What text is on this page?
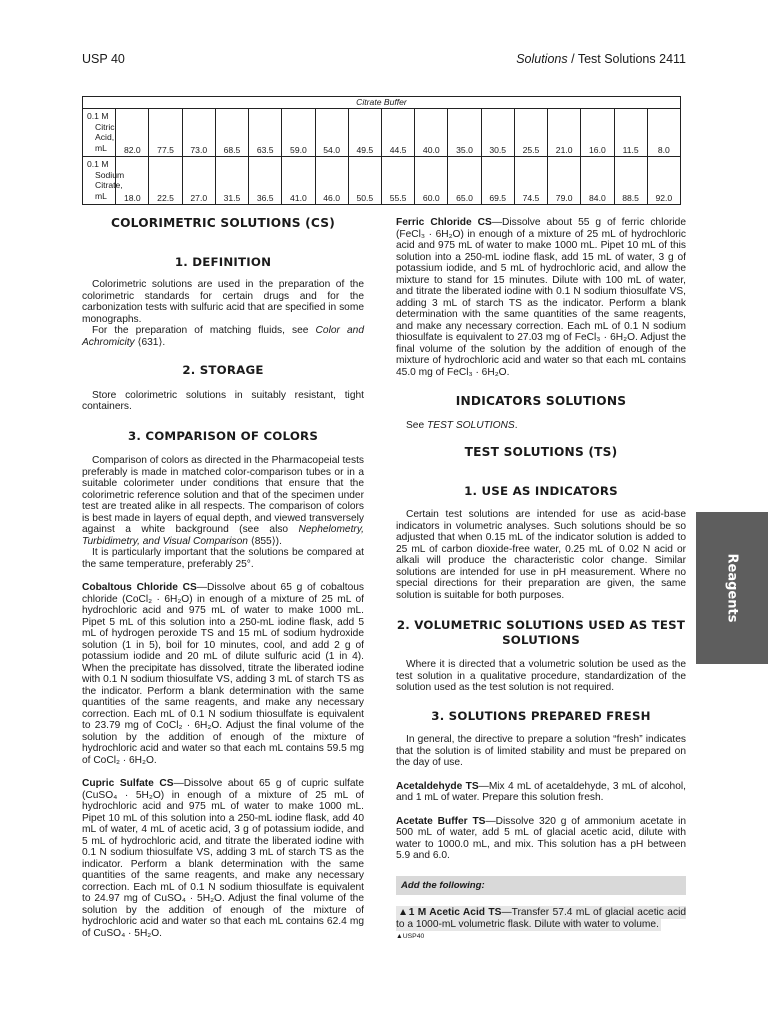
USP 40	Solutions / Test Solutions 2411
Citrate Buffer																	

0.1 M
Citric
Acid,
mL	82.0	77.5	73.0	68.5	63.5	59.0	54.0	49.5	44.5	40.0	35.0	30.5	25.5	21.0	16.0	11.5	8.0

0.1 M
Sodium
Citrate,
mL	18.0	22.5	27.0	31.5	36.5	41.0	46.0	50.5	55.5	60.0	65.0	69.5	74.5	79.0	84.0	88.5	92.0
COLORIMETRIC SOLUTIONS (CS)
1. DEFINITION

Colorimetric solutions are used in the preparation of the colorimetric standards for certain drugs and for the carbonization tests with sulfuric acid that are specified in some monographs.

For the preparation of matching fluids, see Color and Achromicity ⟨631⟩.

2. STORAGE

Store colorimetric solutions in suitably resistant, tight containers.

3. COMPARISON OF COLORS

Comparison of colors as directed in the Pharmacopeial tests preferably is made in matched color-comparison tubes or in a suitable colorimeter under conditions that ensure that the colorimetric reference solution and that of the specimen under test are treated alike in all respects. The comparison of colors is best made in layers of equal depth, and viewed transversely against a white background (see also Nephelometry, Turbidimetry, and Visual Comparison ⟨855⟩).

It is particularly important that the solutions be compared at the same temperature, preferably 25°.

Cobaltous Chloride CS—Dissolve about 65 g of cobaltous chloride (CoCl₂ · 6H₂O) in enough of a mixture of 25 mL of hydrochloric acid and 975 mL of water to make 1000 mL. Pipet 5 mL of this solution into a 250-mL iodine flask, add 5 mL of hydrogen peroxide TS and 15 mL of sodium hydroxide solution (1 in 5), boil for 10 minutes, cool, and add 2 g of potassium iodide and 20 mL of dilute sulfuric acid (1 in 4). When the precipitate has dissolved, titrate the liberated iodine with 0.1 N sodium thiosulfate VS, adding 3 mL of starch TS as the indicator. Perform a blank determination with the same quantities of the same reagents, and make any necessary correction. Each mL of 0.1 N sodium thiosulfate is equivalent to 23.79 mg of CoCl₂ · 6H₂O. Adjust the final volume of the solution by the addition of enough of the mixture of hydrochloric acid and water so that each mL contains 59.5 mg of CoCl₂ · 6H₂O.

Cupric Sulfate CS—Dissolve about 65 g of cupric sulfate (CuSO₄ · 5H₂O) in enough of a mixture of 25 mL of hydrochloric acid and 975 mL of water to make 1000 mL. Pipet 10 mL of this solution into a 250-mL iodine flask, add 40 mL of water, 4 mL of acetic acid, 3 g of potassium iodide, and 5 mL of hydrochloric acid, and titrate the liberated iodine with 0.1 N sodium thiosulfate VS, adding 3 mL of starch TS as the indicator. Perform a blank determination with the same quantities of the same reagents, and make any necessary correction. Each mL of 0.1 N sodium thiosulfate is equivalent to 24.97 mg of CuSO₄ · 5H₂O. Adjust the final volume of the solution by the addition of enough of the mixture of hydrochloric acid and water so that each mL contains 62.4 mg of CuSO₄ · 5H₂O.

Ferric Chloride CS—Dissolve about 55 g of ferric chloride (FeCl₃ · 6H₂O) in enough of a mixture of 25 mL of hydrochloric acid and 975 mL of water to make 1000 mL. Pipet 10 mL of this solution into a 250-mL iodine flask, add 15 mL of water, 3 g of potassium iodide, and 5 mL of hydrochloric acid, and allow the mixture to stand for 15 minutes. Dilute with 100 mL of water, and titrate the liberated iodine with 0.1 N sodium thiosulfate VS, adding 3 mL of starch TS as the indicator. Perform a blank determination with the same quantities of the same reagents, and make any necessary correction. Each mL of 0.1 N sodium thiosulfate is equivalent to 27.03 mg of FeCl₃ · 6H₂O. Adjust the final volume of the solution by the addition of enough of the mixture of hydrochloric acid and water so that each mL contains 45.0 mg of FeCl₃ · 6H₂O.

INDICATORS SOLUTIONS

See TEST SOLUTIONS.

TEST SOLUTIONS (TS)
1. USE AS INDICATORS

Certain test solutions are intended for use as acid-base indicators in volumetric analyses. Such solutions should be so adjusted that when 0.15 mL of the indicator solution is added to 25 mL of carbon dioxide-free water, 0.25 mL of 0.02 N acid or alkali will produce the characteristic color change. Similar solutions are intended for use in pH measurement. Where no special directions for their preparation are given, the same solution is suitable for both purposes.

2. VOLUMETRIC SOLUTIONS USED AS TEST SOLUTIONS

Where it is directed that a volumetric solution be used as the test solution in a qualitative procedure, standardization of the solution used as the test solution is not required.

3. SOLUTIONS PREPARED FRESH

In general, the directive to prepare a solution “fresh” indicates that the solution is of limited stability and must be prepared on the day of use.

Acetaldehyde TS—Mix 4 mL of acetaldehyde, 3 mL of alcohol, and 1 mL of water. Prepare this solution fresh.

Acetate Buffer TS—Dissolve 320 g of ammonium acetate in 500 mL of water, add 5 mL of glacial acetic acid, dilute with water to 1000.0 mL, and mix. This solution has a pH between 5.9 and 6.0.

Add the following:

▲1 M Acetic Acid TS—Transfer 57.4 mL of glacial acetic acid to a 1000-mL volumetric flask. Dilute with water to volume.

▲USP40

Reagents
